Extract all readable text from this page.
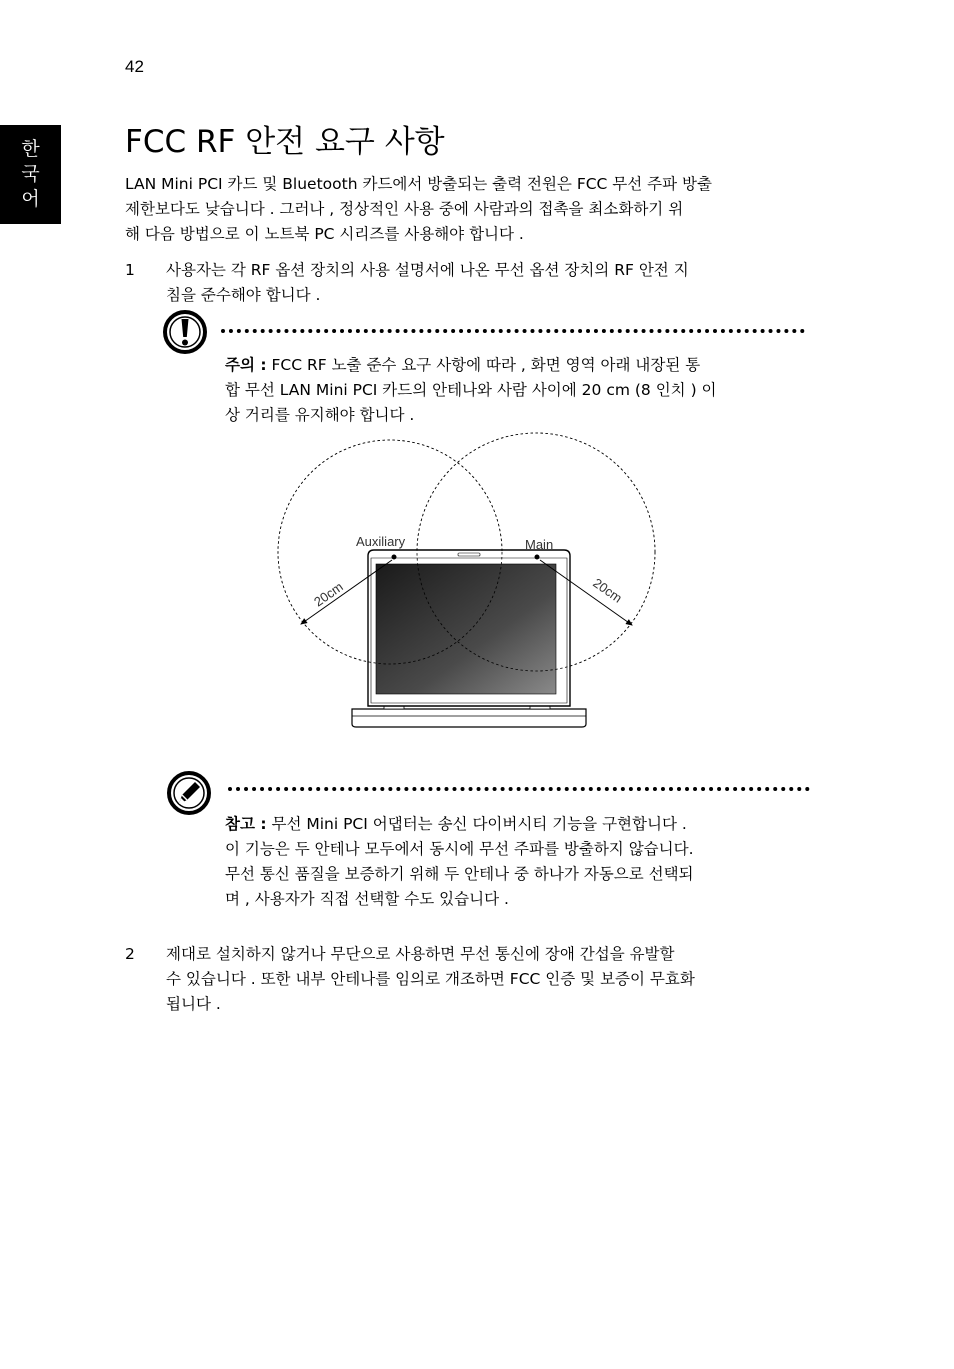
42
한
국
어
FCC RF 안전 요구 사항

LAN Mini PCI 카드 및 Bluetooth 카드에서 방출되는 출력 전원은 FCC 무선 주파 방출
제한보다도 낮습니다 . 그러나 , 정상적인 사용 중에 사람과의 접촉을 최소화하기 위
해 다음 방법으로 이 노트북 PC 시리즈를 사용해야 합니다 .

1 사용자는 각 RF 옵션 장치의 사용 설명서에 나온 무선 옵션 장치의 RF 안전 지
침을 준수해야 합니다 .
주의 : FCC RF 노출 준수 요구 사항에 따라 , 화면 영역 아래 내장된 통
합 무선 LAN Mini PCI 카드의 안테나와 사람 사이에 20 cm (8 인치 ) 이
상 거리를 유지해야 합니다 .
Auxiliary	Main
20cm	20cm
참고 : 무선 Mini PCI 어댑터는 송신 다이버시티 기능을 구현합니다 .
이 기능은 두 안테나 모두에서 동시에 무선 주파를 방출하지 않습니다.
무선 통신 품질을 보증하기 위해 두 안테나 중 하나가 자동으로 선택되
며 , 사용자가 직접 선택할 수도 있습니다 .
2 제대로 설치하지 않거나 무단으로 사용하면 무선 통신에 장애 간섭을 유발할
수 있습니다 . 또한 내부 안테나를 임의로 개조하면 FCC 인증 및 보증이 무효화
됩니다 .
